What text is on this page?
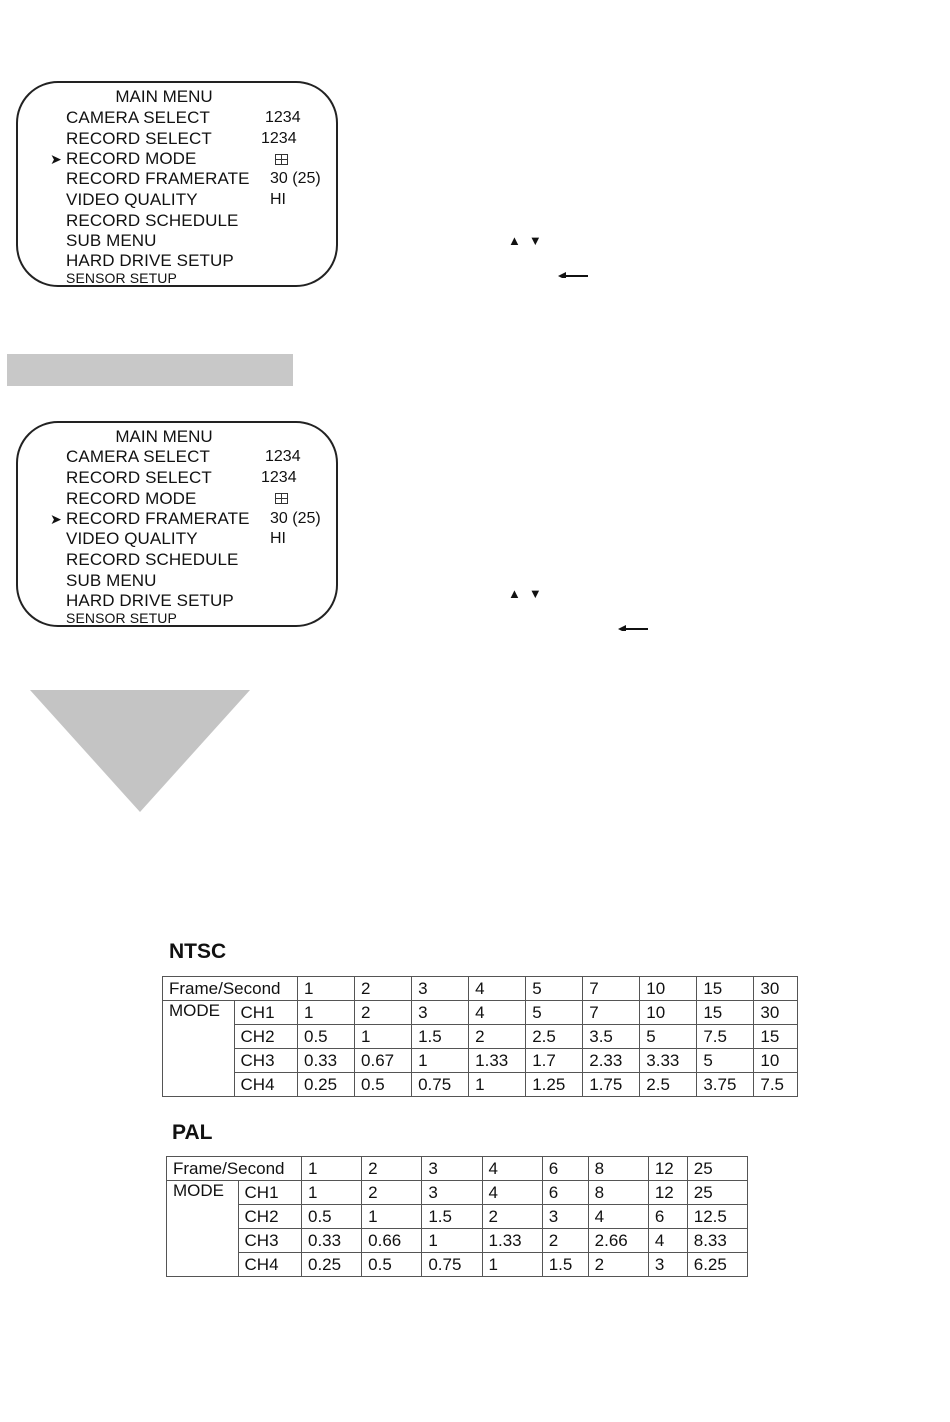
MAIN MENU
CAMERA SELECT	1234
RECORD SELECT	1234
➤ RECORD MODE
RECORD FRAMERATE 30 (25)
VIDEO QUALITY	HI
RECORD SCHEDULE
SUB MENU
HARD DRIVE SETUP
SENSOR SETUP
▲▼
MAIN MENU
CAMERA SELECT	1234
RECORD SELECT	1234
RECORD MODE
➤ RECORD FRAMERATE 30 (25)
VIDEO QUALITY	HI
RECORD SCHEDULE
SUB MENU
HARD DRIVE SETUP
SENSOR SETUP
▲▼
NTSC
Frame/Second		1	2	3	4	5	7	10	15	30
MODE	CH1	1	2	3	4	5	7	10	15	30
	CH2	0.5	1	1.5	2	2.5	3.5	5	7.5	15
	CH3	0.33	0.67	1	1.33	1.7	2.33	3.33	5	10
	CH4	0.25	0.5	0.75	1	1.25	1.75	2.5	3.75	7.5
PAL
Frame/Second		1	2	3	4	6	8	12	25
MODE	CH1	1	2	3	4	6	8	12	25
	CH2	0.5	1	1.5	2	3	4	6	12.5
	CH3	0.33	0.66	1	1.33	2	2.66	4	8.33
	CH4	0.25	0.5	0.75	1	1.5	2	3	6.25
